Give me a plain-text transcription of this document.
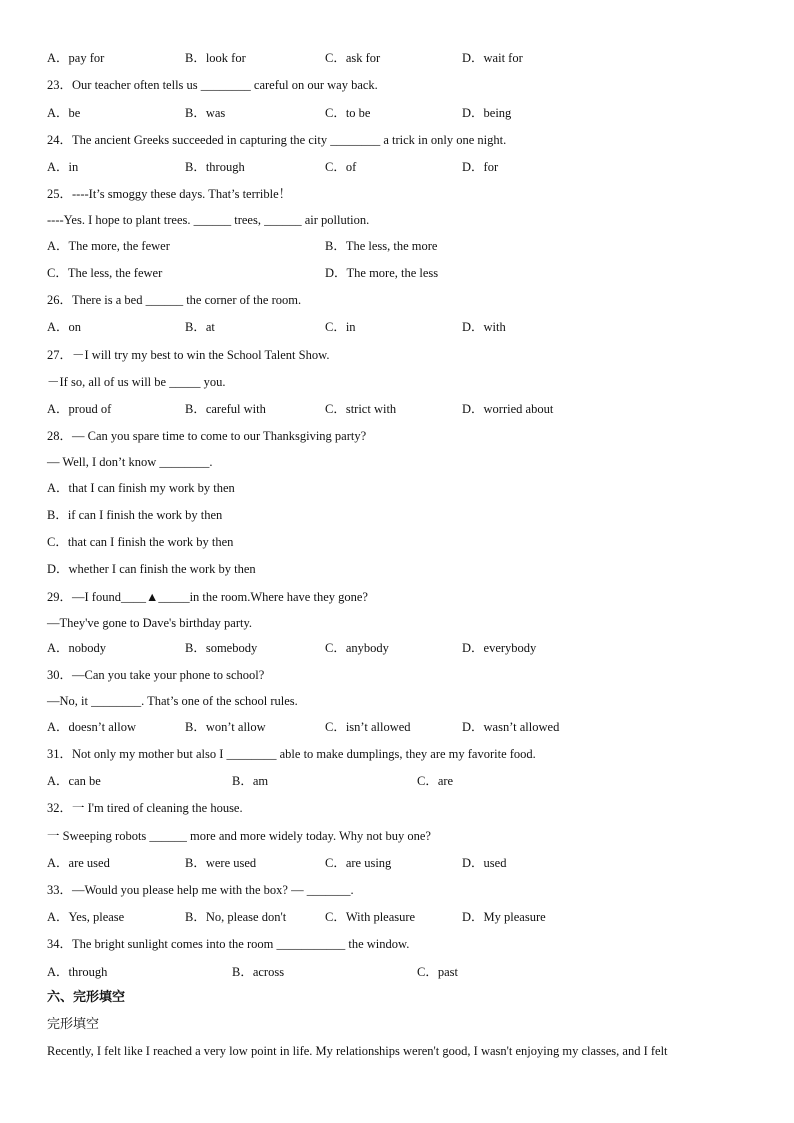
A．pay for	B．look for	C．ask for	D．wait for
23．Our teacher often tells us ________ careful on our way back.
A．be	B．was	C．to be	D．being
24．The ancient Greeks succeeded in capturing the city ________ a trick in only one night.
A．in	B．through	C．of	D．for
25．----It’s smoggy these days. That’s terrible！
----Yes. I hope to plant trees. ______ trees, ______ air pollution.
A．The more, the fewer	B．The less, the more
C．The less, the fewer	D．The more, the less
26．There is a bed ______ the corner of the room.
A．on	B．at	C．in	D．with
27．－I will try my best to win the School Talent Show.
－If so, all of us will be _____ you.
A．proud of	B．careful with	C．strict with	D．worried about
28．— Can you spare time to come to our Thanksgiving party?
— Well, I don’t know ________.
A．that I can finish my work by then
B．if can I finish the work by then
C．that can I finish the work by then
D．whether I can finish the work by then
29．—I found____▲_____in the room.Where have they gone?
—They've gone to Dave's birthday party.
A．nobody	B．somebody	C．anybody	D．everybody
30．—Can you take your phone to school?
—No, it ________. That’s one of the school rules.
A．doesn’t allow	B．won’t allow	C．isn’t allowed	D．wasn’t allowed
31．Not only my mother but also I ________ able to make dumplings, they are my favorite food.
A．can be	B．am	C．are
32．一 I'm tired of cleaning the house.
一 Sweeping robots ______ more and more widely today. Why not buy one?
A．are used	B．were used	C．are using	D．used
33．—Would you please help me with the box? — _______.
A．Yes, please	B．No, please don't	C．With pleasure	D．My pleasure
34．The bright sunlight comes into the room ___________ the window.
A．through	B．across	C．past
六、完形填空
完形填空
Recently, I felt like I reached a very low point in life. My relationships weren't good, I wasn't enjoying my classes, and I felt
